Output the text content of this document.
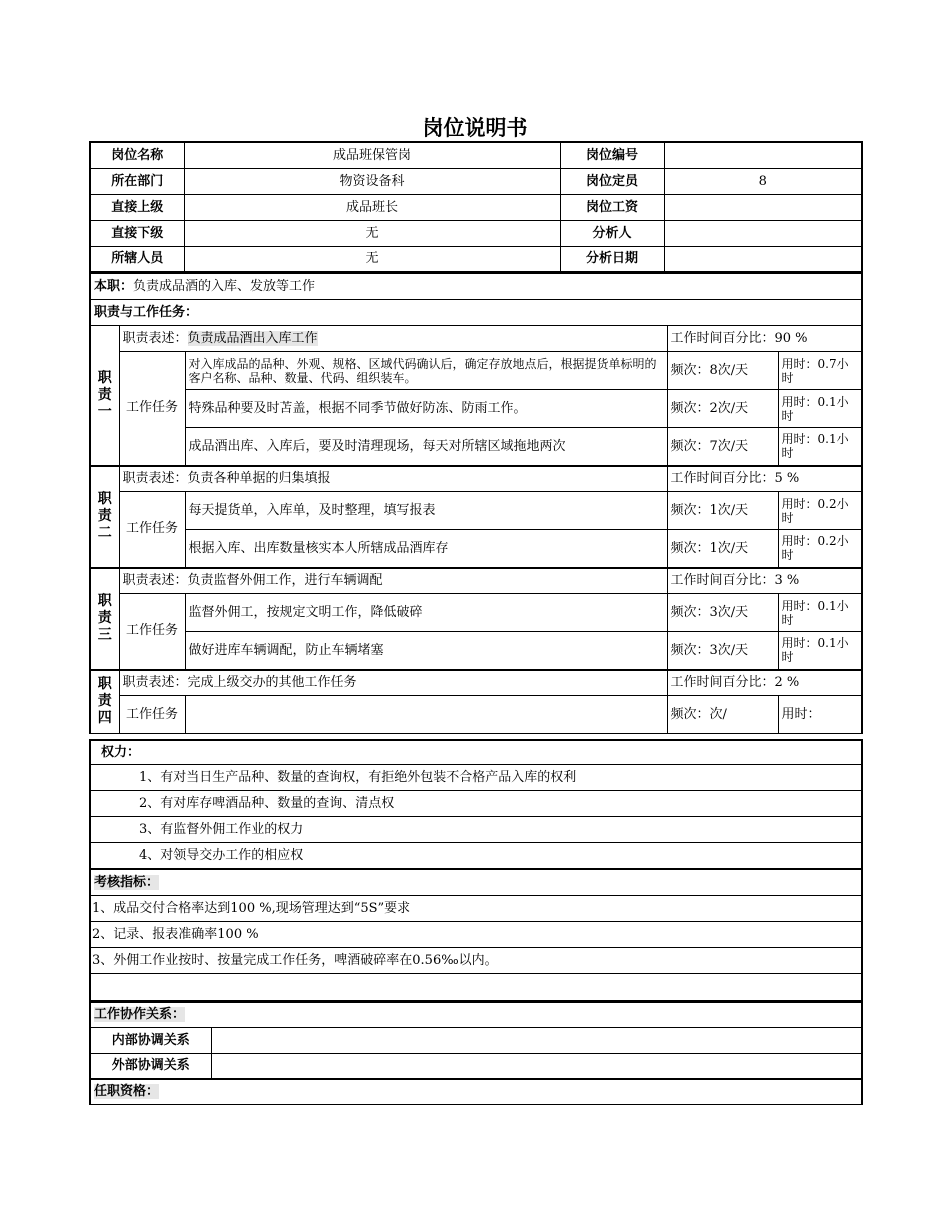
岗位说明书
岗位名称	成品班保管岗	岗位编号	
所在部门	物资设备科	岗位定员	8
直接上级	成品班长	岗位工资	
直接下级	无	分析人	
所辖人员	无	分析日期	
本职：负责成品酒的入库、发放等工作
职责与工作任务：
职
责
一	职责表述：负责成品酒出入库工作		工作时间百分比：90 %	
	工作任务	对入库成品的品种、外观、规格、区域代码确认后，确定存放地点后，根据提货单标明的客户名称、品种、数量、代码、组织装车。	频次：8次/天	用时：0.7小时
		特殊品种要及时苫盖，根据不同季节做好防冻、防雨工作。	频次：2次/天	用时：0.1小时
		成品酒出库、入库后，要及时清理现场，每天对所辖区域拖地两次	频次：7次/天	用时：0.1小时
职
责
二	职责表述：负责各种单据的归集填报		工作时间百分比：5 %	
	工作任务	每天提货单，入库单，及时整理，填写报表	频次：1次/天	用时：0.2小时
		根据入库、出库数量核实本人所辖成品酒库存	频次：1次/天	用时：0.2小时
职
责
三	职责表述：负责监督外佣工作，进行车辆调配		工作时间百分比：3 %	
	工作任务	监督外佣工，按规定文明工作，降低破碎	频次：3次/天	用时：0.1小时
		做好进库车辆调配，防止车辆堵塞	频次：3次/天	用时：0.1小时
职
责
四	职责表述：完成上级交办的其他工作任务		工作时间百分比：2 %	
	工作任务		频次：次/	用时：
权力：
1、有对当日生产品种、数量的查询权，有拒绝外包装不合格产品入库的权利
2、有对库存啤酒品种、数量的查询、清点权
3、有监督外佣工作业的权力
4、对领导交办工作的相应权
考核指标：
1、成品交付合格率达到100 %,现场管理达到“5S”要求
2、记录、报表准确率100 %
3、外佣工作业按时、按量完成工作任务，啤酒破碎率在0.56‰以内。

工作协作关系：	
内部协调关系	
外部协调关系	
任职资格：	
